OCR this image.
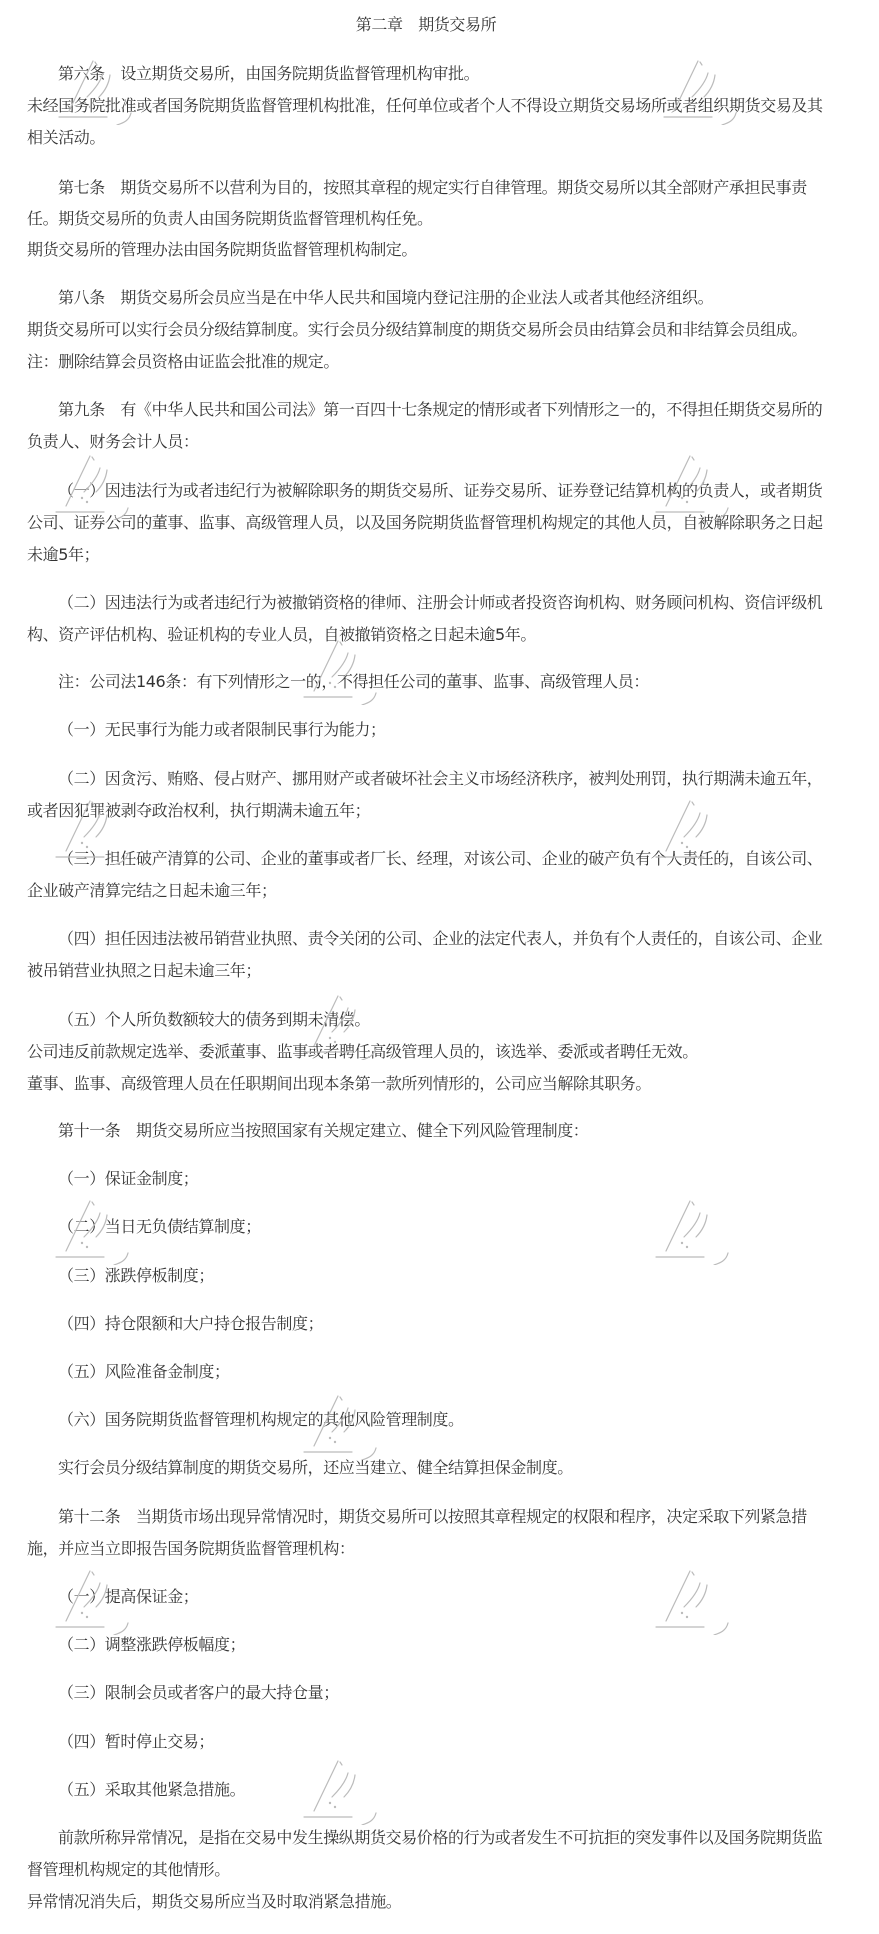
第二章　期货交易所
第六条　设立期货交易所，由国务院期货监督管理机构审批。
未经国务院批准或者国务院期货监督管理机构批准，任何单位或者个人不得设立期货交易场所或者组织期货交易及其
相关活动。
第七条　期货交易所不以营利为目的，按照其章程的规定实行自律管理。期货交易所以其全部财产承担民事责
任。期货交易所的负责人由国务院期货监督管理机构任免。
期货交易所的管理办法由国务院期货监督管理机构制定。
第八条　期货交易所会员应当是在中华人民共和国境内登记注册的企业法人或者其他经济组织。
期货交易所可以实行会员分级结算制度。实行会员分级结算制度的期货交易所会员由结算会员和非结算会员组成。
注：删除结算会员资格由证监会批准的规定。
第九条　有《中华人民共和国公司法》第一百四十七条规定的情形或者下列情形之一的，不得担任期货交易所的
负责人、财务会计人员：
（一）因违法行为或者违纪行为被解除职务的期货交易所、证券交易所、证券登记结算机构的负责人，或者期货
公司、证券公司的董事、监事、高级管理人员，以及国务院期货监督管理机构规定的其他人员，自被解除职务之日起
未逾5年；
（二）因违法行为或者违纪行为被撤销资格的律师、注册会计师或者投资咨询机构、财务顾问机构、资信评级机
构、资产评估机构、验证机构的专业人员，自被撤销资格之日起未逾5年。
注：公司法146条：有下列情形之一的，不得担任公司的董事、监事、高级管理人员：
（一）无民事行为能力或者限制民事行为能力；
（二）因贪污、贿赂、侵占财产、挪用财产或者破坏社会主义市场经济秩序，被判处刑罚，执行期满未逾五年，
或者因犯罪被剥夺政治权利，执行期满未逾五年；
（三）担任破产清算的公司、企业的董事或者厂长、经理，对该公司、企业的破产负有个人责任的，自该公司、
企业破产清算完结之日起未逾三年；
（四）担任因违法被吊销营业执照、责令关闭的公司、企业的法定代表人，并负有个人责任的，自该公司、企业
被吊销营业执照之日起未逾三年；
（五）个人所负数额较大的债务到期未清偿。
公司违反前款规定选举、委派董事、监事或者聘任高级管理人员的，该选举、委派或者聘任无效。
董事、监事、高级管理人员在任职期间出现本条第一款所列情形的，公司应当解除其职务。
第十一条　期货交易所应当按照国家有关规定建立、健全下列风险管理制度：
（一）保证金制度；
（二）当日无负债结算制度；
（三）涨跌停板制度；
（四）持仓限额和大户持仓报告制度；
（五）风险准备金制度；
（六）国务院期货监督管理机构规定的其他风险管理制度。
实行会员分级结算制度的期货交易所，还应当建立、健全结算担保金制度。
第十二条　当期货市场出现异常情况时，期货交易所可以按照其章程规定的权限和程序，决定采取下列紧急措
施，并应当立即报告国务院期货监督管理机构：
（一）提高保证金；
（二）调整涨跌停板幅度；
（三）限制会员或者客户的最大持仓量；
（四）暂时停止交易；
（五）采取其他紧急措施。
前款所称异常情况，是指在交易中发生操纵期货交易价格的行为或者发生不可抗拒的突发事件以及国务院期货监
督管理机构规定的其他情形。
异常情况消失后，期货交易所应当及时取消紧急措施。
